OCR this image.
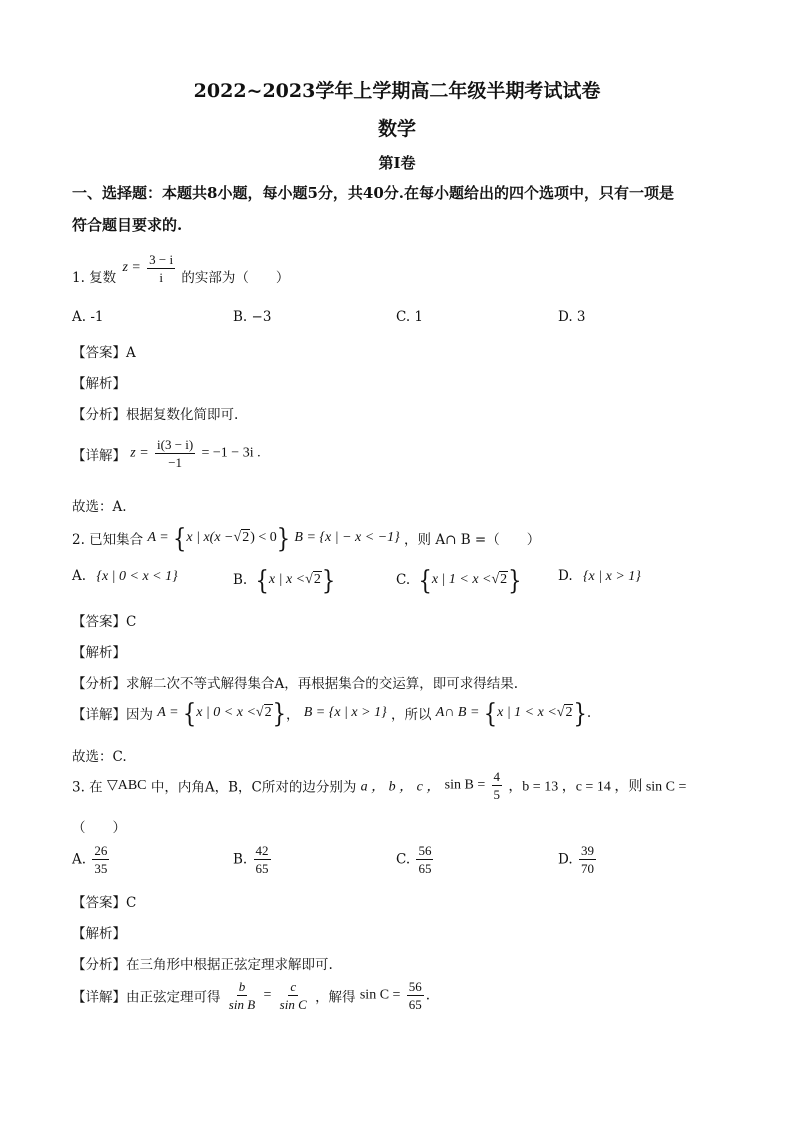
2022~2023学年上学期高二年级半期考试试卷
数学
第Ⅰ卷
一、选择题：本题共8小题，每小题5分，共40分.在每小题给出的四个选项中，只有一项是
符合题目要求的.
1. 复数 $z = \frac{3 - i}{i}$ 的实部为（　　）
A. -1	B. −3	C. 1	D. 3
【答案】A
【解析】
【分析】根据复数化简即可.
【详解】 $z = \frac{i(3 - i)}{-1} = -1 - 3i$ .
故选：A.
2. 已知集合 A = {x | x(x −√2) < 0} B = {x | − x < −1} ，则 A∩ B =（　　）
A. {x | 0 < x < 1}	B. {x | x <√2}	C. {x | 1 < x <√2}	D. {x | x > 1}
【答案】C
【解析】
【分析】求解二次不等式解得集合A，再根据集合的交运算，即可求得结果.
【详解】因为 A = {x | 0 < x <√2}， B = {x | x > 1} ，所以 A∩ B = {x | 1 < x <√2}.
故选：C.
3. 在 ▽ABC 中，内角A，B，C所对的边分别为 a ， b ， c ， $\sin B = \frac{4}{5}$ ，b = 13 ，c = 14 ，则 sin C =
（　　）
A. $\frac{26}{35}$	B. $\frac{42}{65}$	C. $\frac{56}{65}$	D. $\frac{39}{70}$
【答案】C
【解析】
【分析】在三角形中根据正弦定理求解即可.
【详解】由正弦定理可得 $\frac{b}{\text{sin B}} = \frac{c}{\text{sin C}}$ ，解得 $\sin C = \frac{56}{65}$ .
